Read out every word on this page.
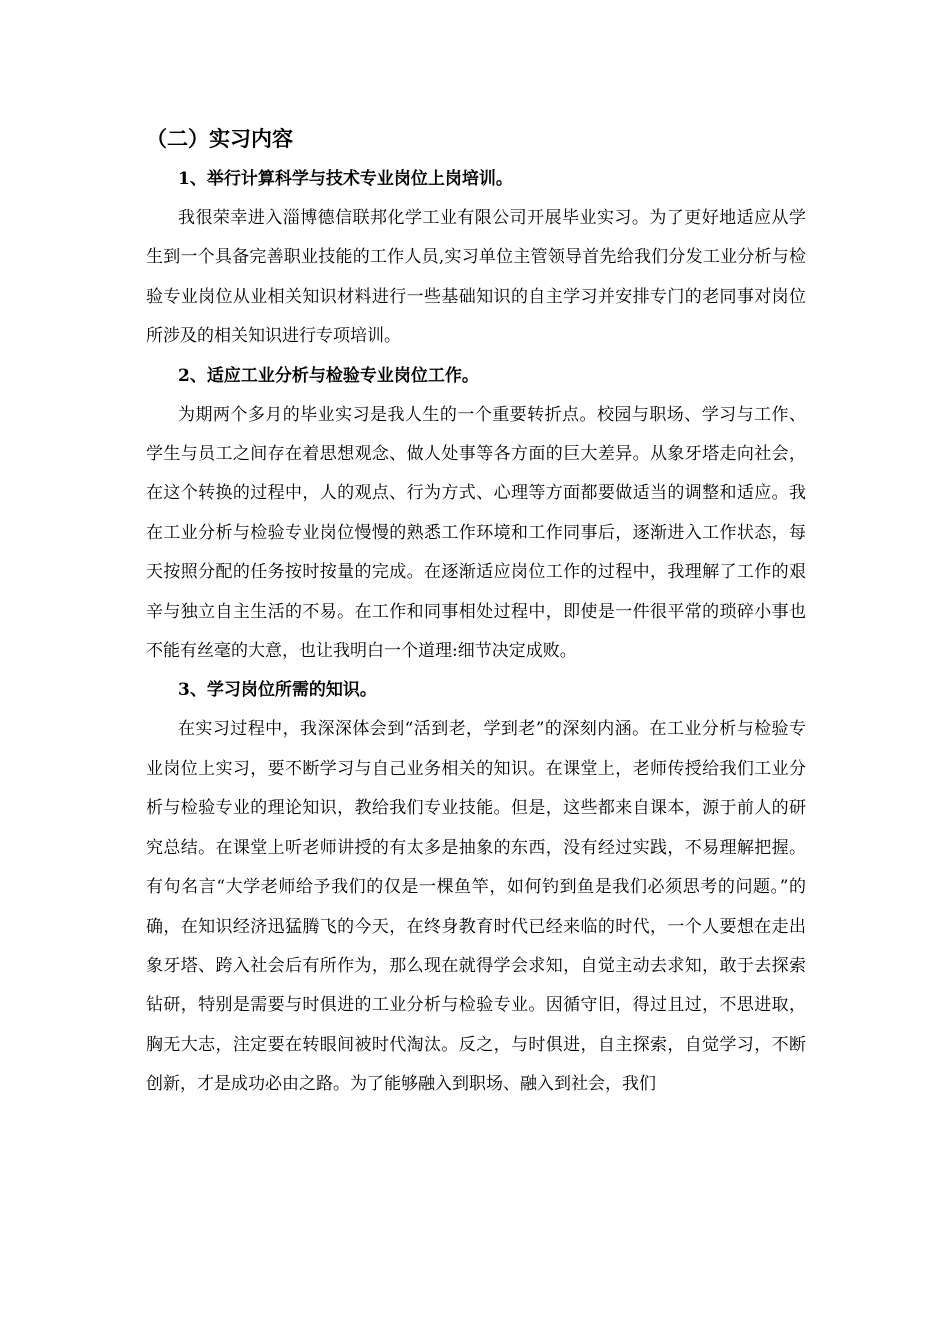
（二）实习内容

1、举行计算科学与技术专业岗位上岗培训。

我很荣幸进入淄博德信联邦化学工业有限公司开展毕业实习。为了更好地适应从学生到一个具备完善职业技能的工作人员,实习单位主管领导首先给我们分发工业分析与检验专业岗位从业相关知识材料进行一些基础知识的自主学习并安排专门的老同事对岗位所涉及的相关知识进行专项培训。

2、适应工业分析与检验专业岗位工作。

为期两个多月的毕业实习是我人生的一个重要转折点。校园与职场、学习与工作、学生与员工之间存在着思想观念、做人处事等各方面的巨大差异。从象牙塔走向社会，在这个转换的过程中，人的观点、行为方式、心理等方面都要做适当的调整和适应。我在工业分析与检验专业岗位慢慢的熟悉工作环境和工作同事后，逐渐进入工作状态，每天按照分配的任务按时按量的完成。在逐渐适应岗位工作的过程中，我理解了工作的艰辛与独立自主生活的不易。在工作和同事相处过程中，即使是一件很平常的琐碎小事也不能有丝毫的大意，也让我明白一个道理:细节决定成败。

3、学习岗位所需的知识。

在实习过程中，我深深体会到“活到老，学到老”的深刻内涵。在工业分析与检验专业岗位上实习，要不断学习与自己业务相关的知识。在课堂上，老师传授给我们工业分析与检验专业的理论知识，教给我们专业技能。但是，这些都来自课本，源于前人的研究总结。在课堂上听老师讲授的有太多是抽象的东西，没有经过实践，不易理解把握。有句名言“大学老师给予我们的仅是一棵鱼竿，如何钓到鱼是我们必须思考的问题。”的确，在知识经济迅猛腾飞的今天，在终身教育时代已经来临的时代，一个人要想在走出象牙塔、跨入社会后有所作为，那么现在就得学会求知，自觉主动去求知，敢于去探索钻研，特别是需要与时俱进的工业分析与检验专业。因循守旧，得过且过，不思进取，胸无大志，注定要在转眼间被时代淘汰。反之，与时俱进，自主探索，自觉学习，不断创新，才是成功必由之路。为了能够融入到职场、融入到社会，我们
